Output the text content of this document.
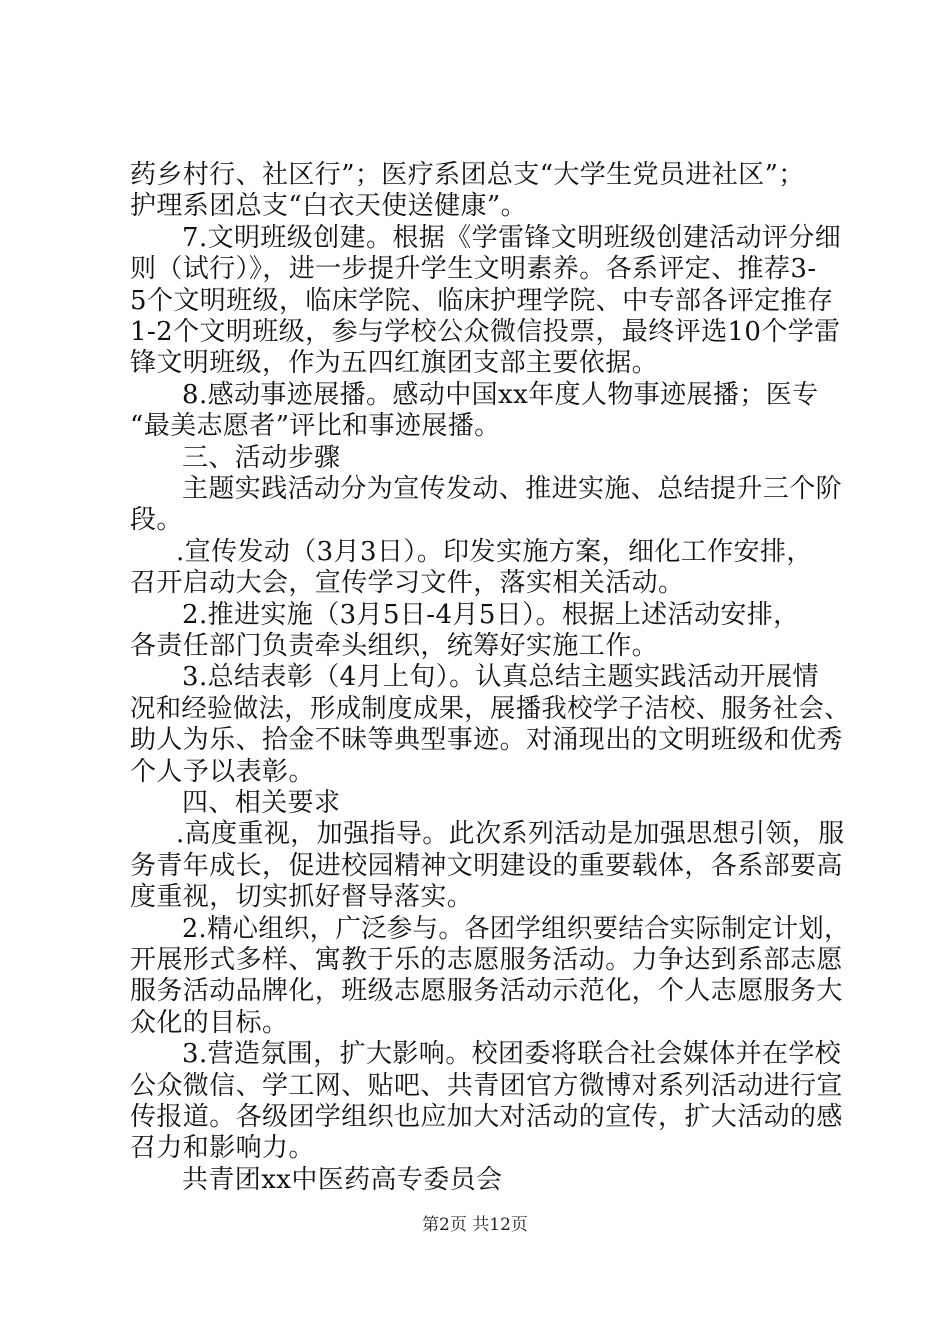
药乡村行、社区行”；医疗系团总支“大学生党员进社区”；
护理系团总支“白衣天使送健康”。
7.文明班级创建。根据《学雷锋文明班级创建活动评分细
则（试行）》，进一步提升学生文明素养。各系评定、推荐3-
5个文明班级，临床学院、临床护理学院、中专部各评定推存
1-2个文明班级，参与学校公众微信投票，最终评选10个学雷
锋文明班级，作为五四红旗团支部主要依据。
8.感动事迹展播。感动中国xx年度人物事迹展播；医专
“最美志愿者”评比和事迹展播。
三、活动步骤
主题实践活动分为宣传发动、推进实施、总结提升三个阶
段。
.宣传发动（3月3日）。印发实施方案，细化工作安排，
召开启动大会，宣传学习文件，落实相关活动。
2.推进实施（3月5日-4月5日）。根据上述活动安排，
各责任部门负责牵头组织，统筹好实施工作。
3.总结表彰（4月上旬）。认真总结主题实践活动开展情
况和经验做法，形成制度成果，展播我校学子洁校、服务社会、
助人为乐、拾金不昧等典型事迹。对涌现出的文明班级和优秀
个人予以表彰。
四、相关要求
.高度重视，加强指导。此次系列活动是加强思想引领，服
务青年成长，促进校园精神文明建设的重要载体，各系部要高
度重视，切实抓好督导落实。
2.精心组织，广泛参与。各团学组织要结合实际制定计划，
开展形式多样、寓教于乐的志愿服务活动。力争达到系部志愿
服务活动品牌化，班级志愿服务活动示范化，个人志愿服务大
众化的目标。
3.营造氛围，扩大影响。校团委将联合社会媒体并在学校
公众微信、学工网、贴吧、共青团官方微博对系列活动进行宣
传报道。各级团学组织也应加大对活动的宣传，扩大活动的感
召力和影响力。
共青团xx中医药高专委员会
第2页 共12页
